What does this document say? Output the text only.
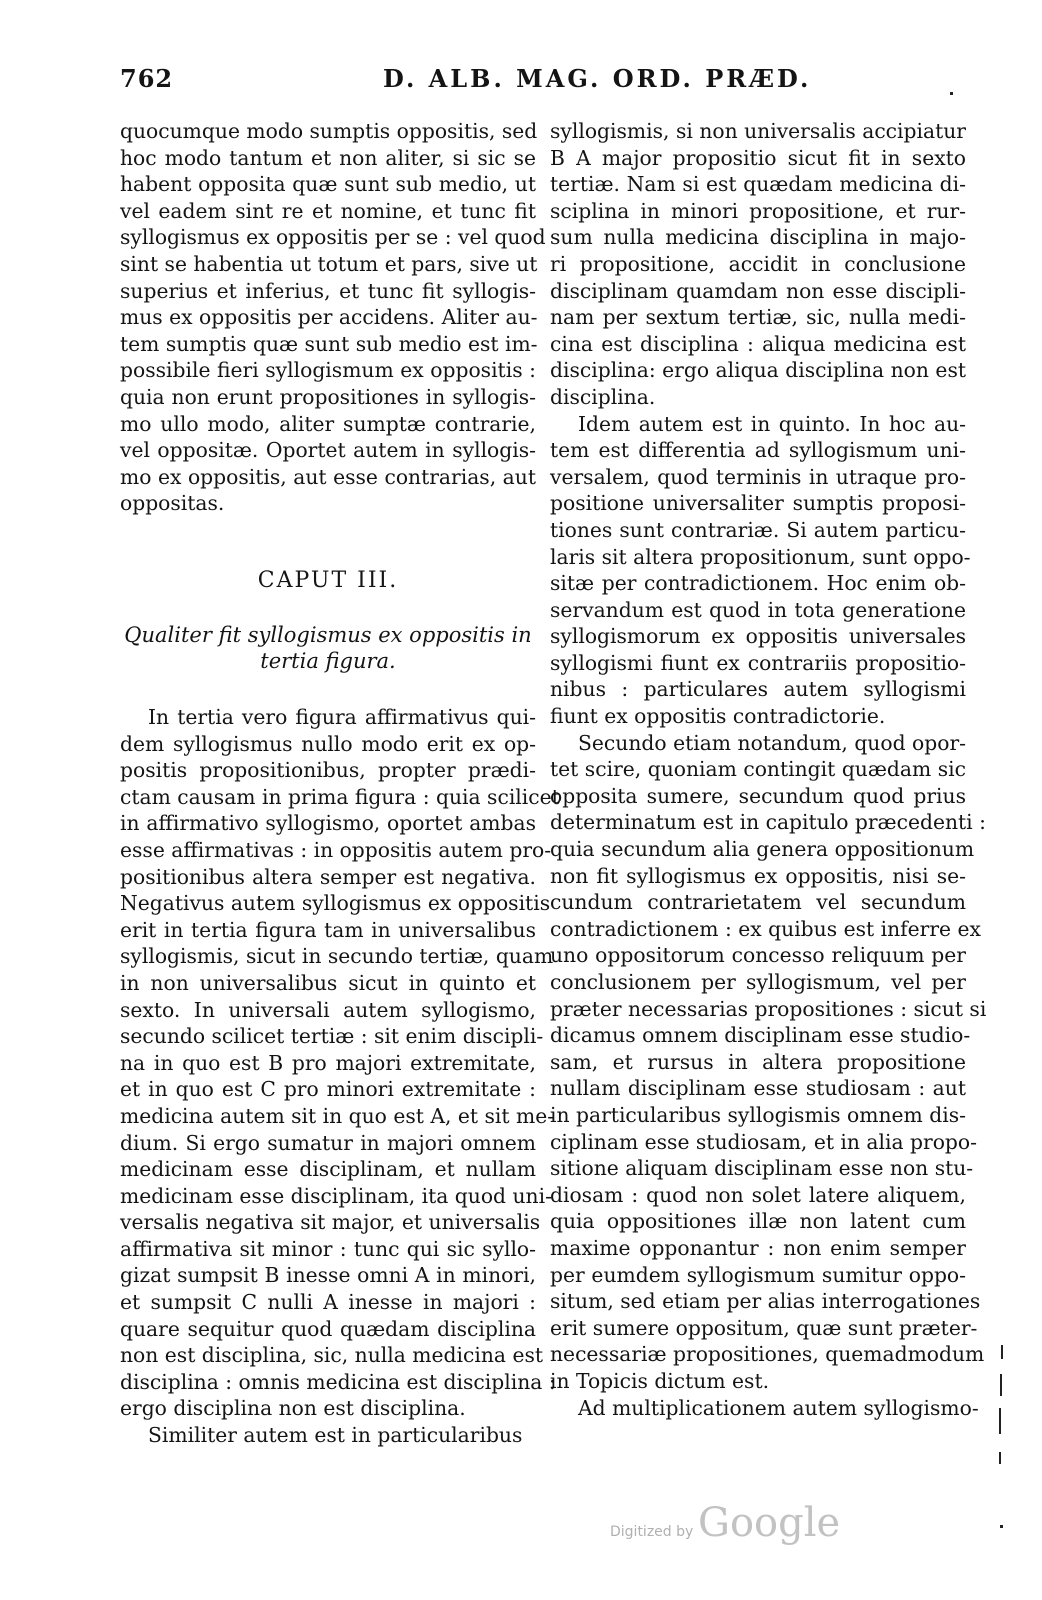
762	D. ALB. MAG. ORD. PRÆD.
quocumque modo sumptis oppositis, sed
hoc modo tantum et non aliter, si sic se
habent opposita quæ sunt sub medio, ut
vel eadem sint re et nomine, et tunc fit
syllogismus ex oppositis per se : vel quod
sint se habentia ut totum et pars, sive ut
superius et inferius, et tunc fit syllogis-
mus ex oppositis per accidens. Aliter au-
tem sumptis quæ sunt sub medio est im-
possibile fieri syllogismum ex oppositis :
quia non erunt propositiones in syllogis-
mo ullo modo, aliter sumptæ contrarie,
vel oppositæ. Oportet autem in syllogis-
mo ex oppositis, aut esse contrarias, aut
oppositas.
CAPUT III.
Qualiter fit syllogismus ex oppositis in
tertia figura.
In tertia vero figura affirmativus qui-
dem syllogismus nullo modo erit ex op-
positis propositionibus, propter prædi-
ctam causam in prima figura : quia scilicet
in affirmativo syllogismo, oportet ambas
esse affirmativas : in oppositis autem pro-
positionibus altera semper est negativa.
Negativus autem syllogismus ex oppositis
erit in tertia figura tam in universalibus
syllogismis, sicut in secundo tertiæ, quam
in non universalibus sicut in quinto et
sexto. In universali autem syllogismo,
secundo scilicet tertiæ : sit enim discipli-
na in quo est B pro majori extremitate,
et in quo est C pro minori extremitate :
medicina autem sit in quo est A, et sit me-
dium. Si ergo sumatur in majori omnem
medicinam esse disciplinam, et nullam
medicinam esse disciplinam, ita quod uni-
versalis negativa sit major, et universalis
affirmativa sit minor : tunc qui sic syllo-
gizat sumpsit B inesse omni A in minori,
et sumpsit C nulli A inesse in majori :
quare sequitur quod quædam disciplina
non est disciplina, sic, nulla medicina est
disciplina : omnis medicina est disciplina :
ergo disciplina non est disciplina.
Similiter autem est in particularibus
syllogismis, si non universalis accipiatur
B A major propositio sicut fit in sexto
tertiæ. Nam si est quædam medicina di-
sciplina in minori propositione, et rur-
sum nulla medicina disciplina in majo-
ri propositione, accidit in conclusione
disciplinam quamdam non esse discipli-
nam per sextum tertiæ, sic, nulla medi-
cina est disciplina : aliqua medicina est
disciplina: ergo aliqua disciplina non est
disciplina.
Idem autem est in quinto. In hoc au-
tem est differentia ad syllogismum uni-
versalem, quod terminis in utraque pro-
positione universaliter sumptis proposi-
tiones sunt contrariæ. Si autem particu-
laris sit altera propositionum, sunt oppo-
sitæ per contradictionem. Hoc enim ob-
servandum est quod in tota generatione
syllogismorum ex oppositis universales
syllogismi fiunt ex contrariis propositio-
nibus : particulares autem syllogismi
fiunt ex oppositis contradictorie.
Secundo etiam notandum, quod opor-
tet scire, quoniam contingit quædam sic
opposita sumere, secundum quod prius
determinatum est in capitulo præcedenti :
quia secundum alia genera oppositionum
non fit syllogismus ex oppositis, nisi se-
cundum contrarietatem vel secundum
contradictionem : ex quibus est inferre ex
uno oppositorum concesso reliquum per
conclusionem per syllogismum, vel per
præter necessarias propositiones : sicut si
dicamus omnem disciplinam esse studio-
sam, et rursus in altera propositione
nullam disciplinam esse studiosam : aut
in particularibus syllogismis omnem dis-
ciplinam esse studiosam, et in alia propo-
sitione aliquam disciplinam esse non stu-
diosam : quod non solet latere aliquem,
quia oppositiones illæ non latent cum
maxime opponantur : non enim semper
per eumdem syllogismum sumitur oppo-
situm, sed etiam per alias interrogationes
erit sumere oppositum, quæ sunt præter-
necessariæ propositiones, quemadmodum
in Topicis dictum est.
Ad multiplicationem autem syllogismo-
Digitized by Google
